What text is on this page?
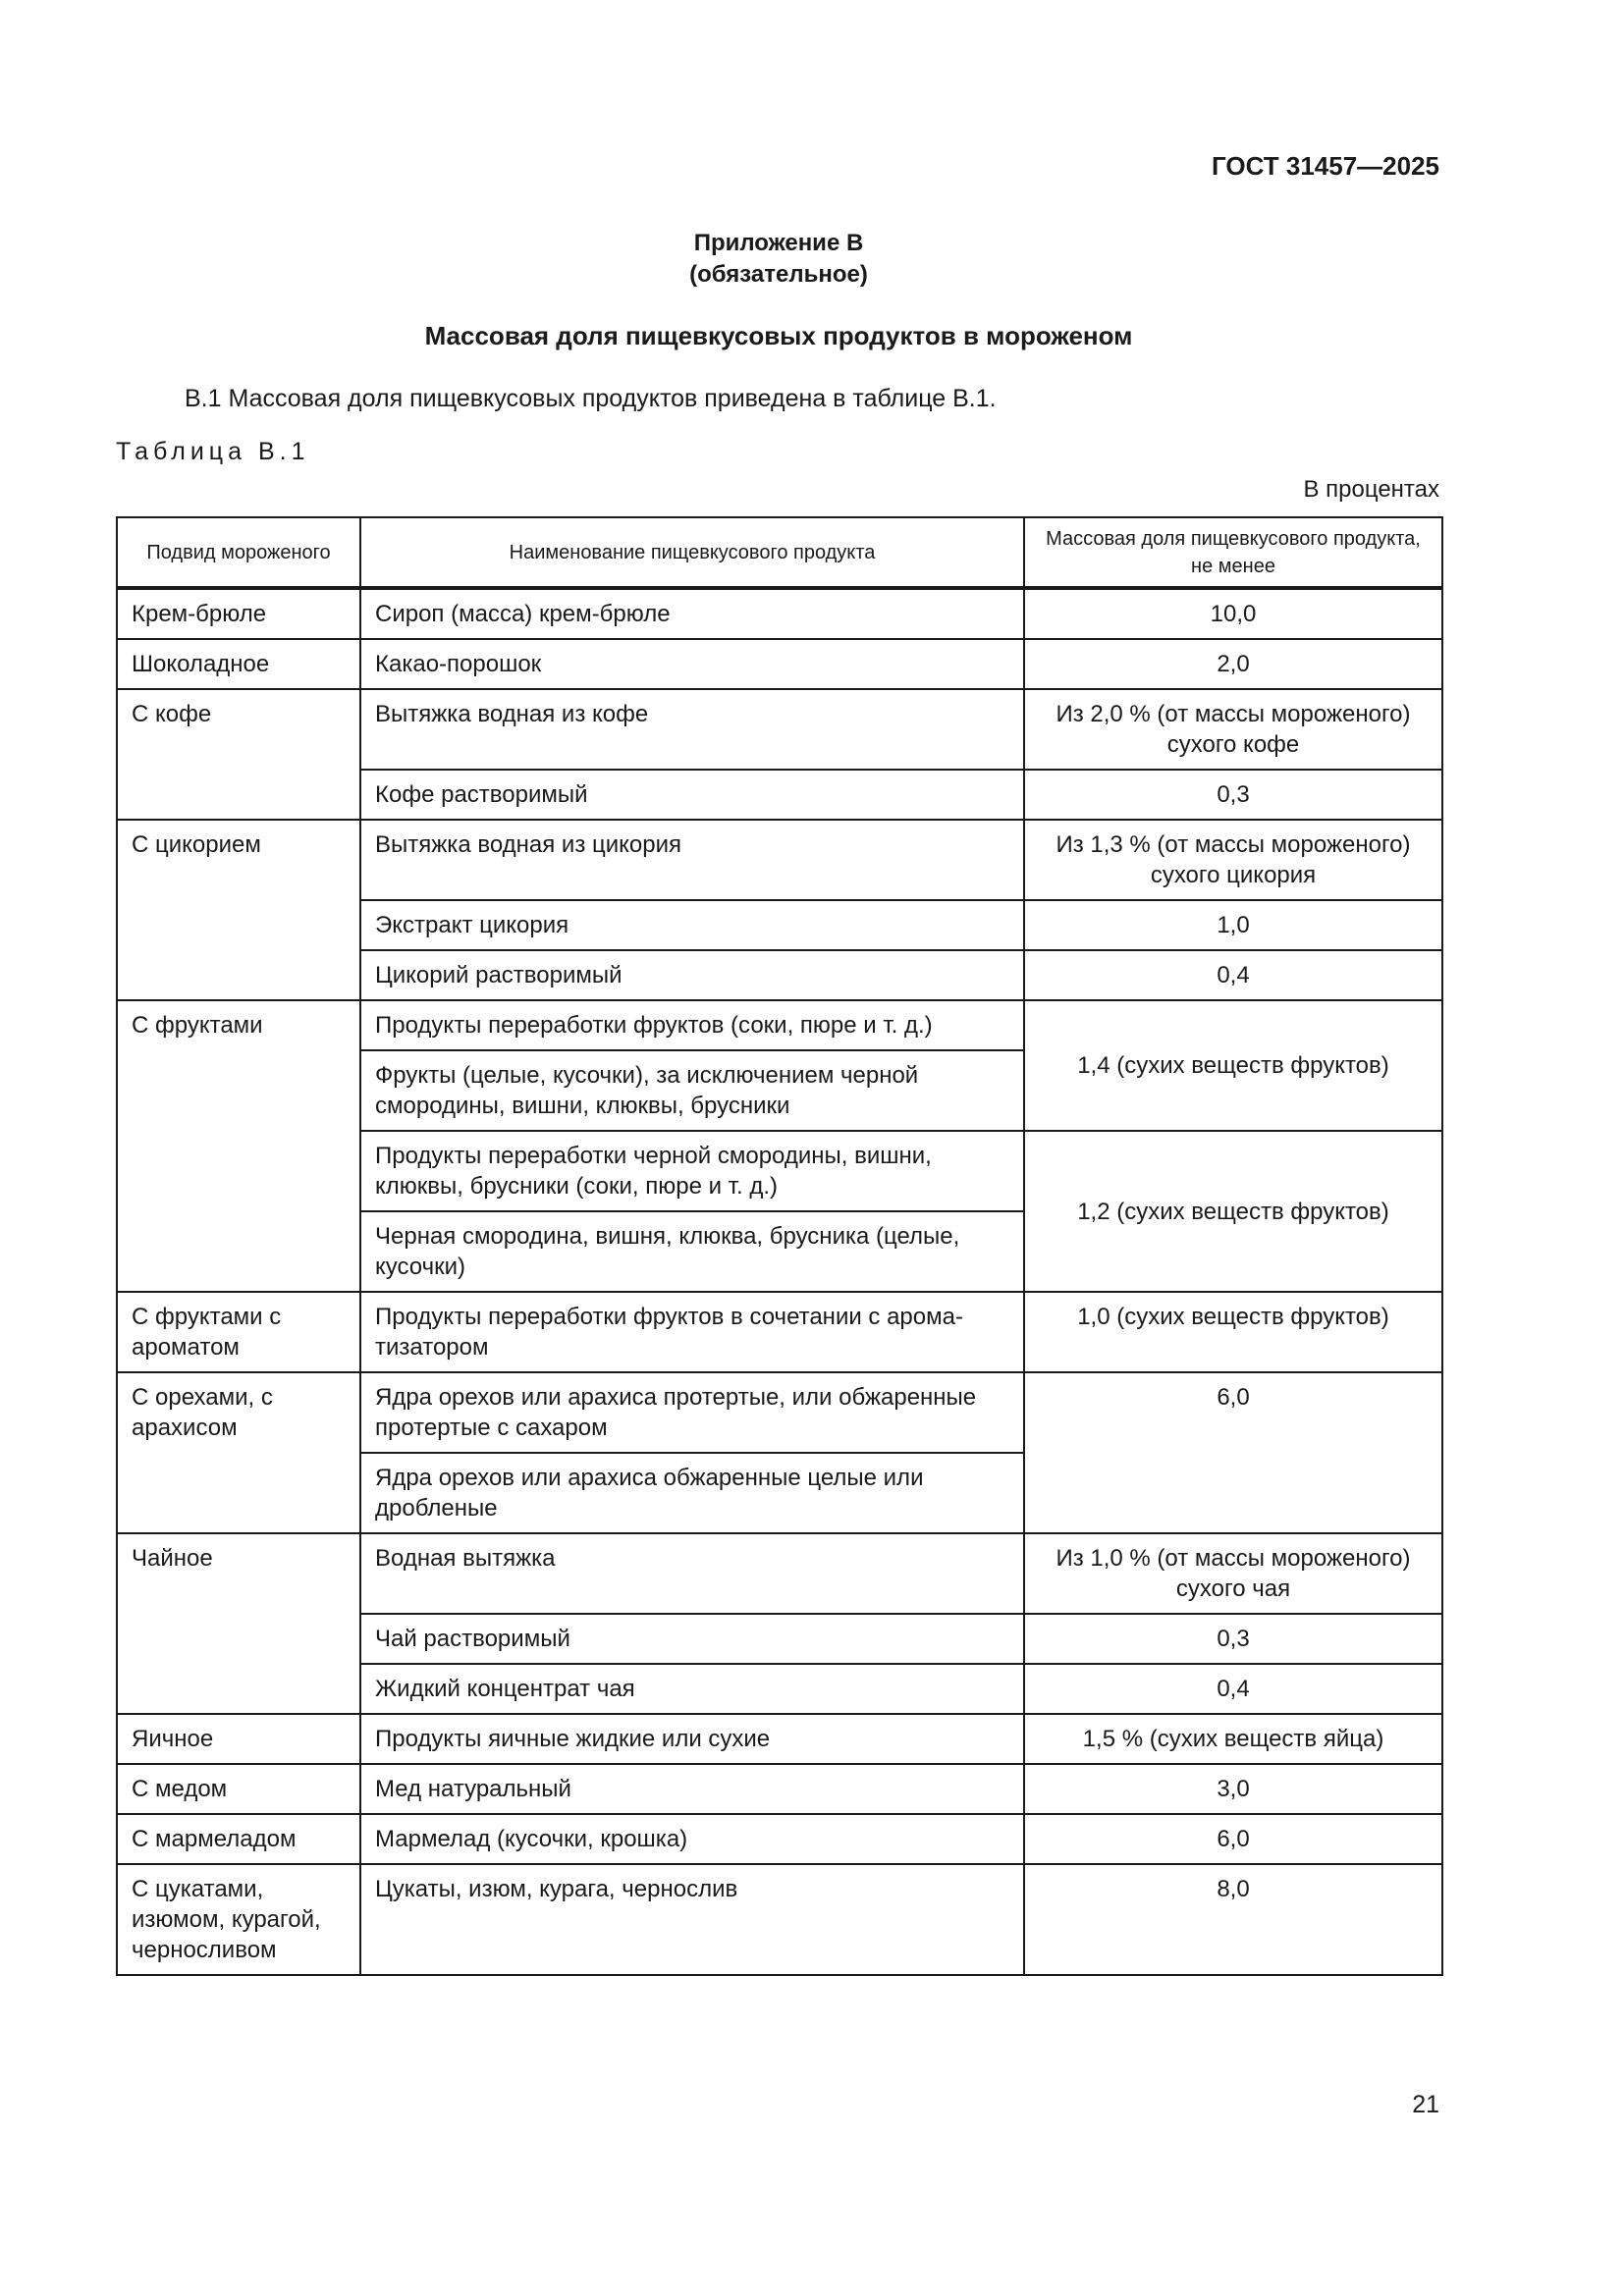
ГОСТ 31457—2025
Приложение В
(обязательное)
Массовая доля пищевкусовых продуктов в мороженом
В.1 Массовая доля пищевкусовых продуктов приведена в таблице В.1.
Таблица В.1
В процентах
Подвид мороженого	Наименование пищевкусового продукта	Массовая доля пищевкусового продукта, не менее
Крем-брюле	Сироп (масса) крем-брюле	10,0
Шоколадное	Какао-порошок	2,0
С кофе	Вытяжка водная из кофе	Из 2,0 % (от массы мороженого) сухого кофе
	Кофе растворимый	0,3
С цикорием	Вытяжка водная из цикория	Из 1,3 % (от массы мороженого) сухого цикория
	Экстракт цикория	1,0
	Цикорий растворимый	0,4
С фруктами	Продукты переработки фруктов (соки, пюре и т. д.)	1,4 (сухих веществ фруктов)
	Фрукты (целые, кусочки), за исключением черной смородины, вишни, клюквы, брусники	
	Продукты переработки черной смородины, вишни, клюквы, брусники (соки, пюре и т. д.)	1,2 (сухих веществ фруктов)
	Черная смородина, вишня, клюква, брусника (целые, кусочки)	
С фруктами с ароматом	Продукты переработки фруктов в сочетании с ароматизатором	1,0 (сухих веществ фруктов)
С орехами, с арахисом	Ядра орехов или арахиса протертые, или обжаренные протертые с сахаром	6,0
	Ядра орехов или арахиса обжаренные целые или дробленые	
Чайное	Водная вытяжка	Из 1,0 % (от массы мороженого) сухого чая
	Чай растворимый	0,3
	Жидкий концентрат чая	0,4
Яичное	Продукты яичные жидкие или сухие	1,5 % (сухих веществ яйца)
С медом	Мед натуральный	3,0
С мармеладом	Мармелад (кусочки, крошка)	6,0
С цукатами, изюмом, курагой, черносливом	Цукаты, изюм, курага, чернослив	8,0
21
